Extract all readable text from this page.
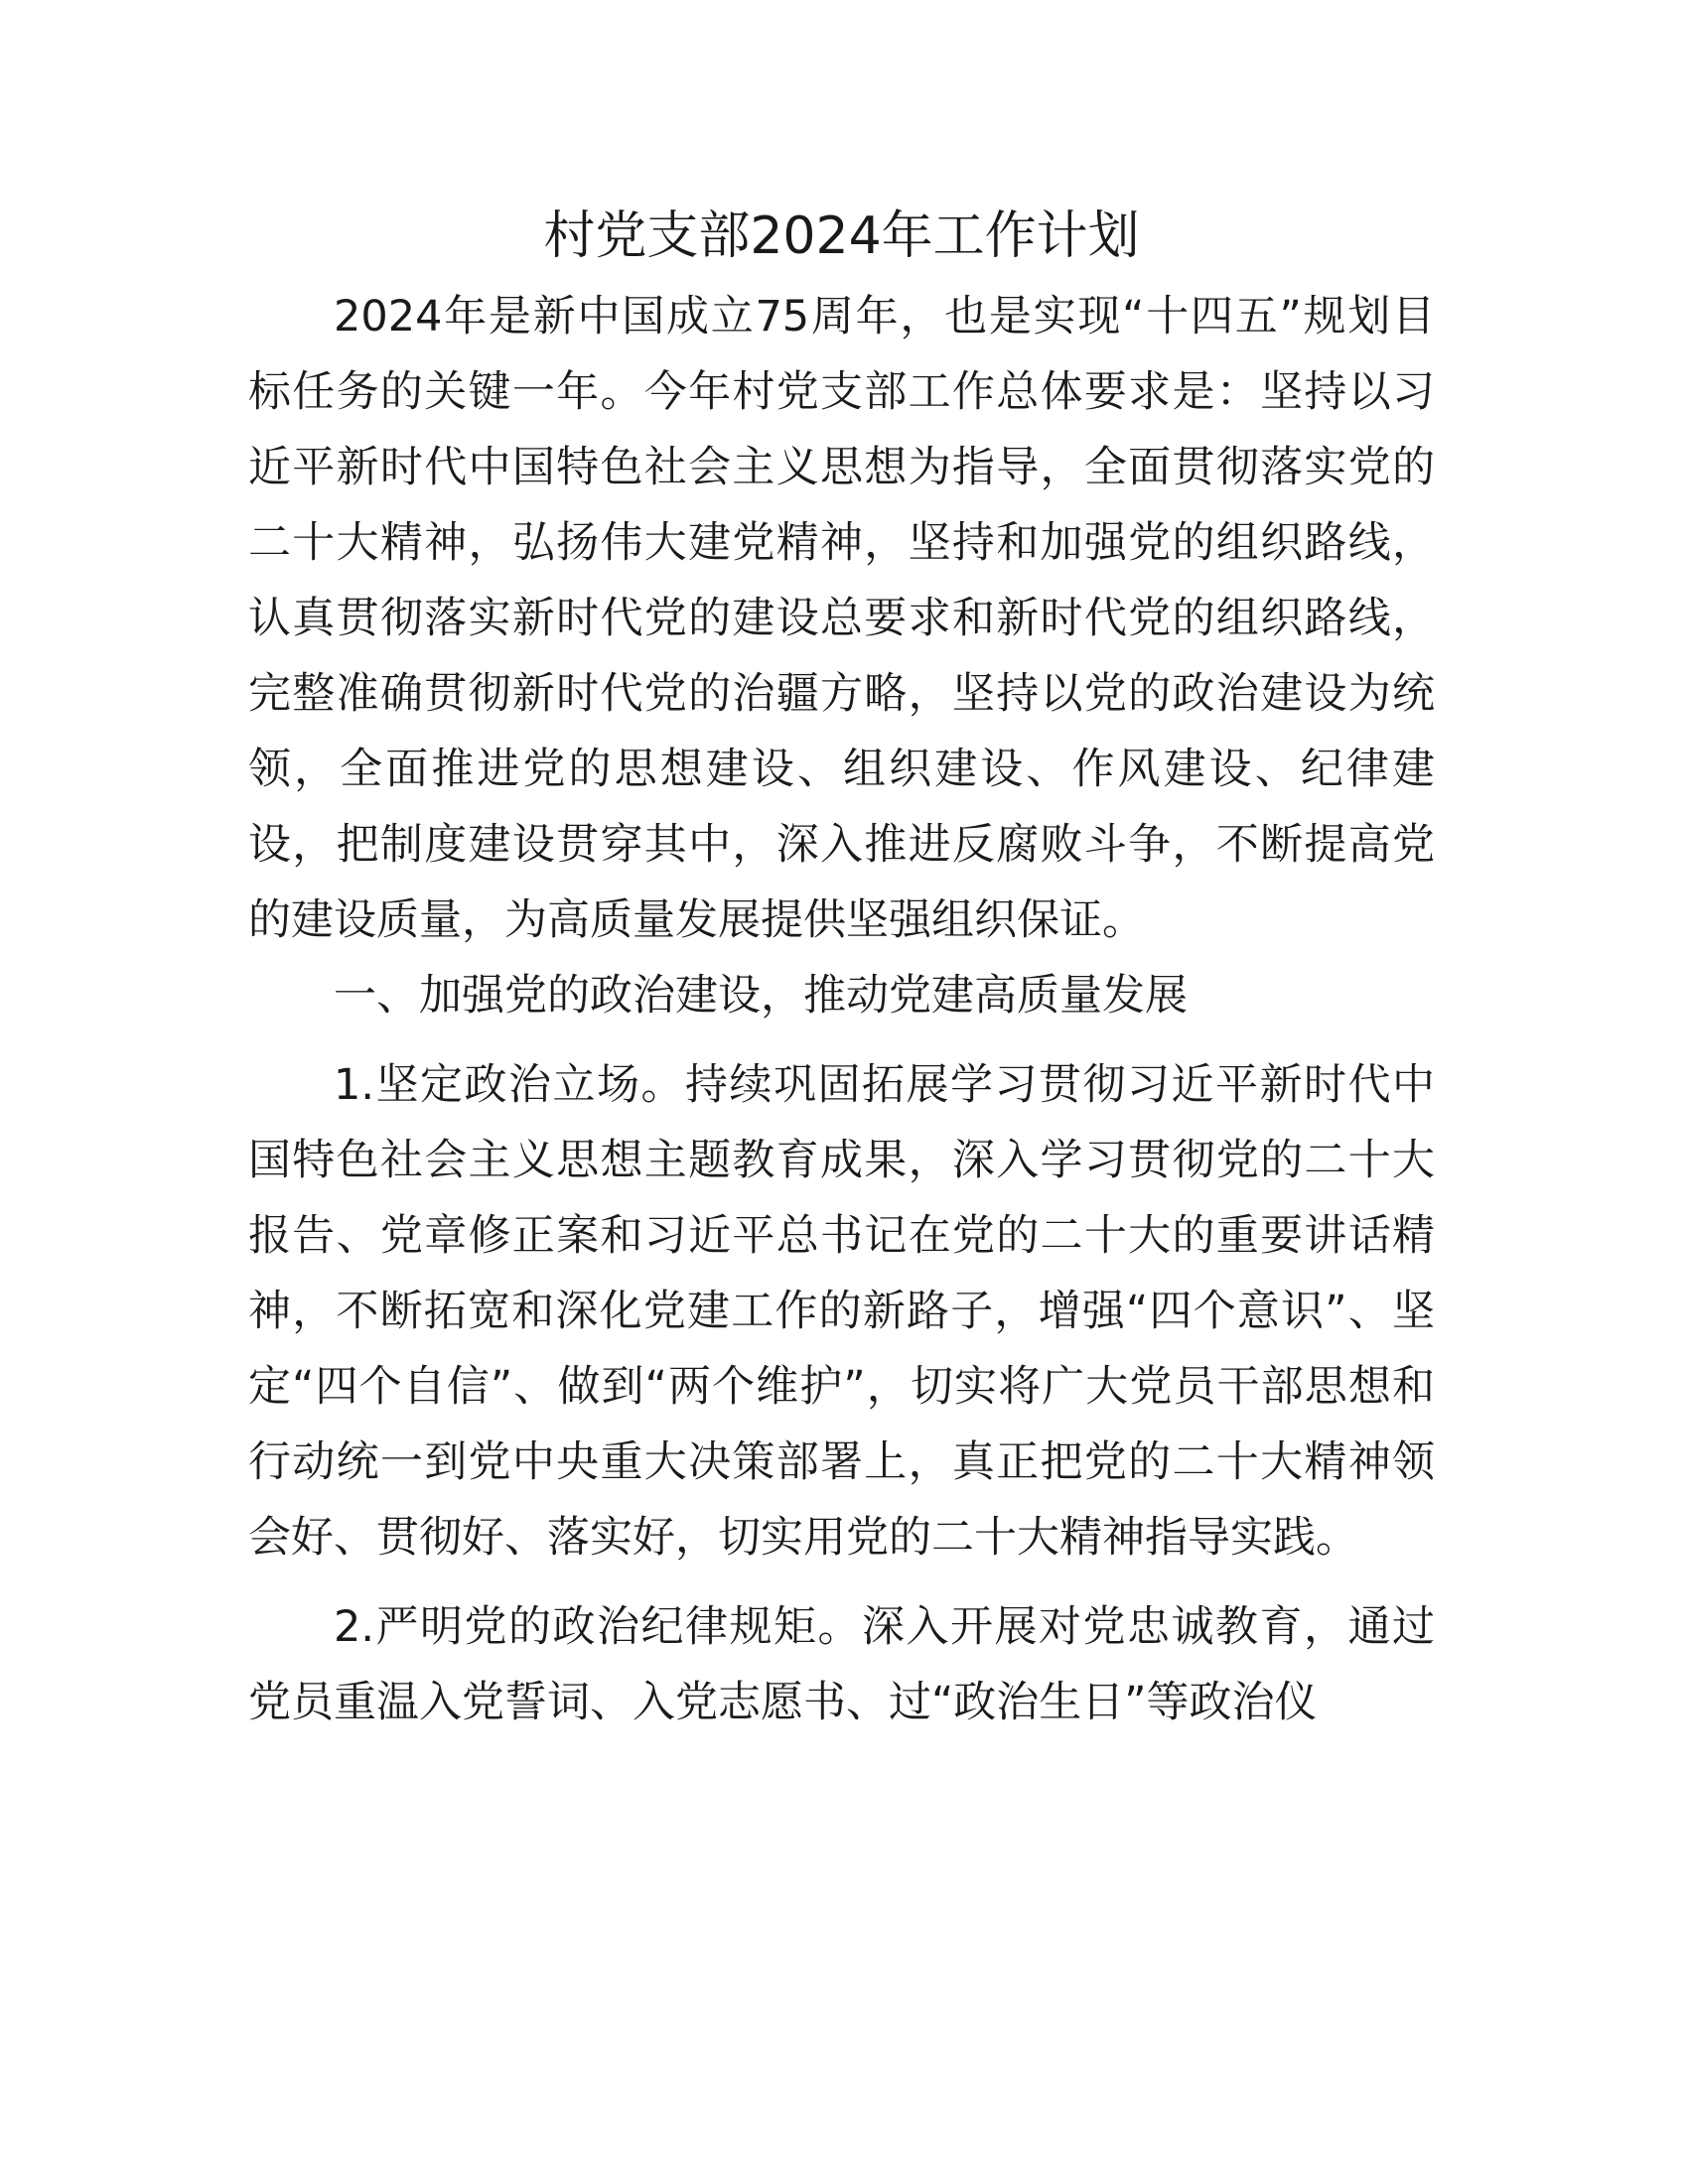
村党支部2024年工作计划

2024年是新中国成立75周年，也是实现“十四五”规划目标任务的关键一年。今年村党支部工作总体要求是：坚持以习近平新时代中国特色社会主义思想为指导，全面贯彻落实党的二十大精神，弘扬伟大建党精神，坚持和加强党的组织路线，认真贯彻落实新时代党的建设总要求和新时代党的组织路线，完整准确贯彻新时代党的治疆方略，坚持以党的政治建设为统领，全面推进党的思想建设、组织建设、作风建设、纪律建设，把制度建设贯穿其中，深入推进反腐败斗争，不断提高党的建设质量，为高质量发展提供坚强组织保证。

一、加强党的政治建设，推动党建高质量发展

1.坚定政治立场。持续巩固拓展学习贯彻习近平新时代中国特色社会主义思想主题教育成果，深入学习贯彻党的二十大报告、党章修正案和习近平总书记在党的二十大的重要讲话精神，不断拓宽和深化党建工作的新路子，增强“四个意识”、坚定“四个自信”、做到“两个维护”，切实将广大党员干部思想和行动统一到党中央重大决策部署上，真正把党的二十大精神领会好、贯彻好、落实好，切实用党的二十大精神指导实践。

2.严明党的政治纪律规矩。深入开展对党忠诚教育，通过党员重温入党誓词、入党志愿书、过“政治生日”等政治仪
